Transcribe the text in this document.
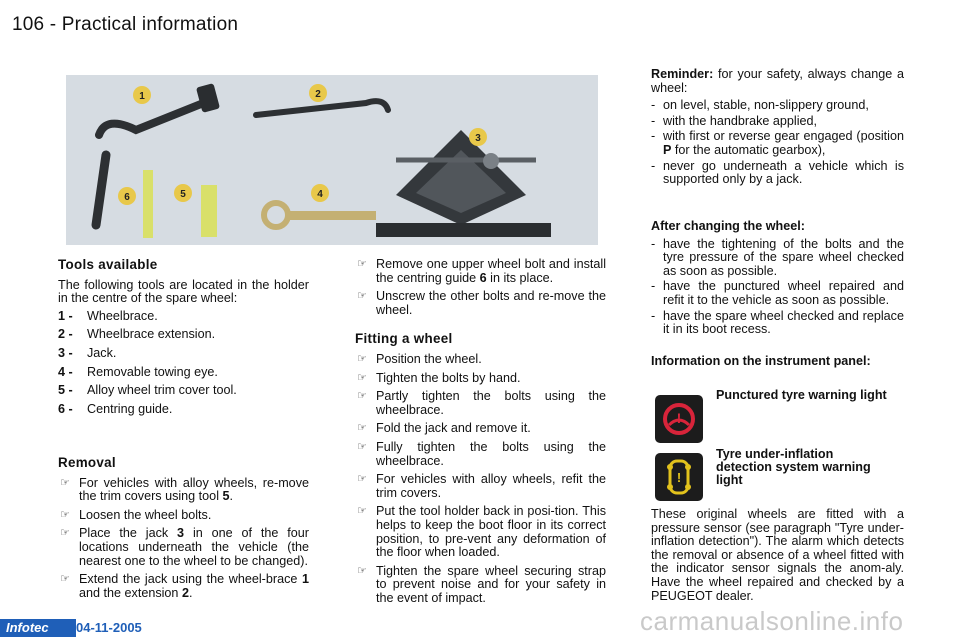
106 - Practical information
1	2
3
4
5
6
Tools available
The following tools are located in the holder in the centre of the spare wheel:
1 - Wheelbrace.
2 - Wheelbrace extension.
3 - Jack.
4 - Removable towing eye.
5 - Alloy wheel trim cover tool.
6 - Centring guide.
Removal
☞ For vehicles with alloy wheels, re-move the trim covers using tool 5.
☞ Loosen the wheel bolts.
☞ Place the jack 3 in one of the four locations underneath the vehicle (the nearest one to the wheel to be changed).
☞ Extend the jack using the wheel-brace 1 and the extension 2.
☞ Remove one upper wheel bolt and install the centring guide 6 in its place.
☞ Unscrew the other bolts and re-move the wheel.
Fitting a wheel
☞ Position the wheel.
☞ Tighten the bolts by hand.
☞ Partly tighten the bolts using the wheelbrace.
☞ Fold the jack and remove it.
☞ Fully tighten the bolts using the wheelbrace.
☞ For vehicles with alloy wheels, refit the trim covers.
☞ Put the tool holder back in posi-tion. This helps to keep the boot floor in its correct position, to pre-vent any deformation of the floor when loaded.
☞ Tighten the spare wheel securing strap to prevent noise and for your safety in the event of impact.
Reminder: for your safety, always change a wheel:
- on level, stable, non-slippery ground,
- with the handbrake applied,
- with first or reverse gear engaged (position P for the automatic gearbox),
- never go underneath a vehicle which is supported only by a jack.
After changing the wheel:
- have the tightening of the bolts and the tyre pressure of the spare wheel checked as soon as possible.
- have the punctured wheel repaired and refit it to the vehicle as soon as possible.
- have the spare wheel checked and replace it in its boot recess.
Information on the instrument panel:
!
Punctured tyre warning light
!
Tyre under-inflation detection system warning light
These original wheels are fitted with a pressure sensor (see paragraph "Tyre under-inflation detection"). The alarm which detects the removal or absence of a wheel fitted with the indicator sensor signals the anom-aly. Have the wheel repaired and checked by a PEUGEOT dealer.
Infotec	04-11-2005	carmanualsonline.info
